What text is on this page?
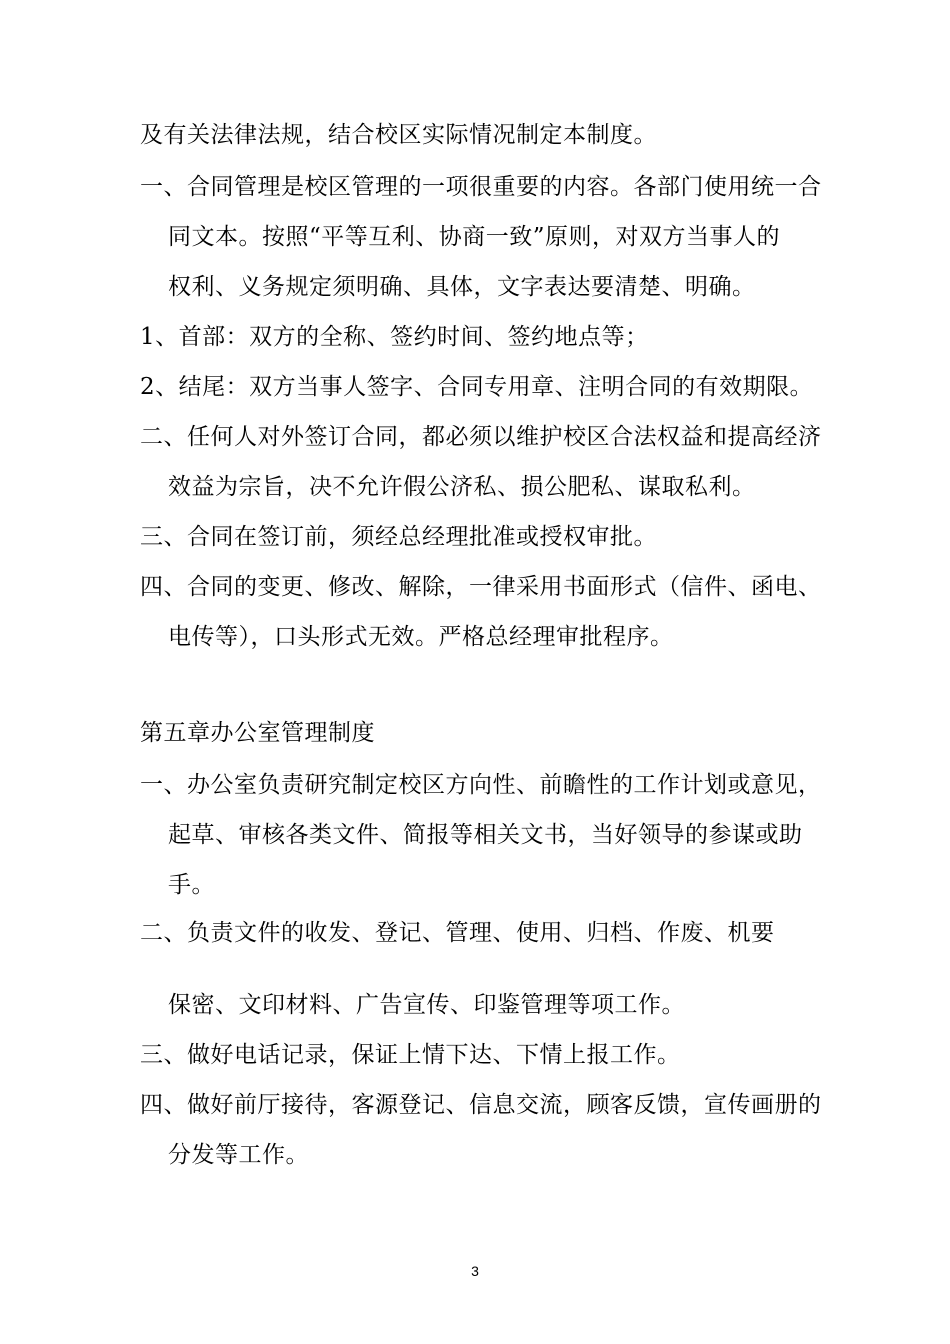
及有关法律法规，结合校区实际情况制定本制度。
一、合同管理是校区管理的一项很重要的内容。各部门使用统一合
同文本。按照“平等互利、协商一致”原则，对双方当事人的
权利、义务规定须明确、具体，文字表达要清楚、明确。
1、首部：双方的全称、签约时间、签约地点等；
2、结尾：双方当事人签字、合同专用章、注明合同的有效期限。
二、任何人对外签订合同，都必须以维护校区合法权益和提高经济
效益为宗旨，决不允许假公济私、损公肥私、谋取私利。
三、合同在签订前，须经总经理批准或授权审批。
四、合同的变更、修改、解除，一律采用书面形式（信件、函电、
电传等），口头形式无效。严格总经理审批程序。
第五章办公室管理制度
一、办公室负责研究制定校区方向性、前瞻性的工作计划或意见，
起草、审核各类文件、简报等相关文书，当好领导的参谋或助
手。
二、负责文件的收发、登记、管理、使用、归档、作废、机要
保密、文印材料、广告宣传、印鉴管理等项工作。
三、做好电话记录，保证上情下达、下情上报工作。
四、做好前厅接待，客源登记、信息交流，顾客反馈，宣传画册的
分发等工作。
3
